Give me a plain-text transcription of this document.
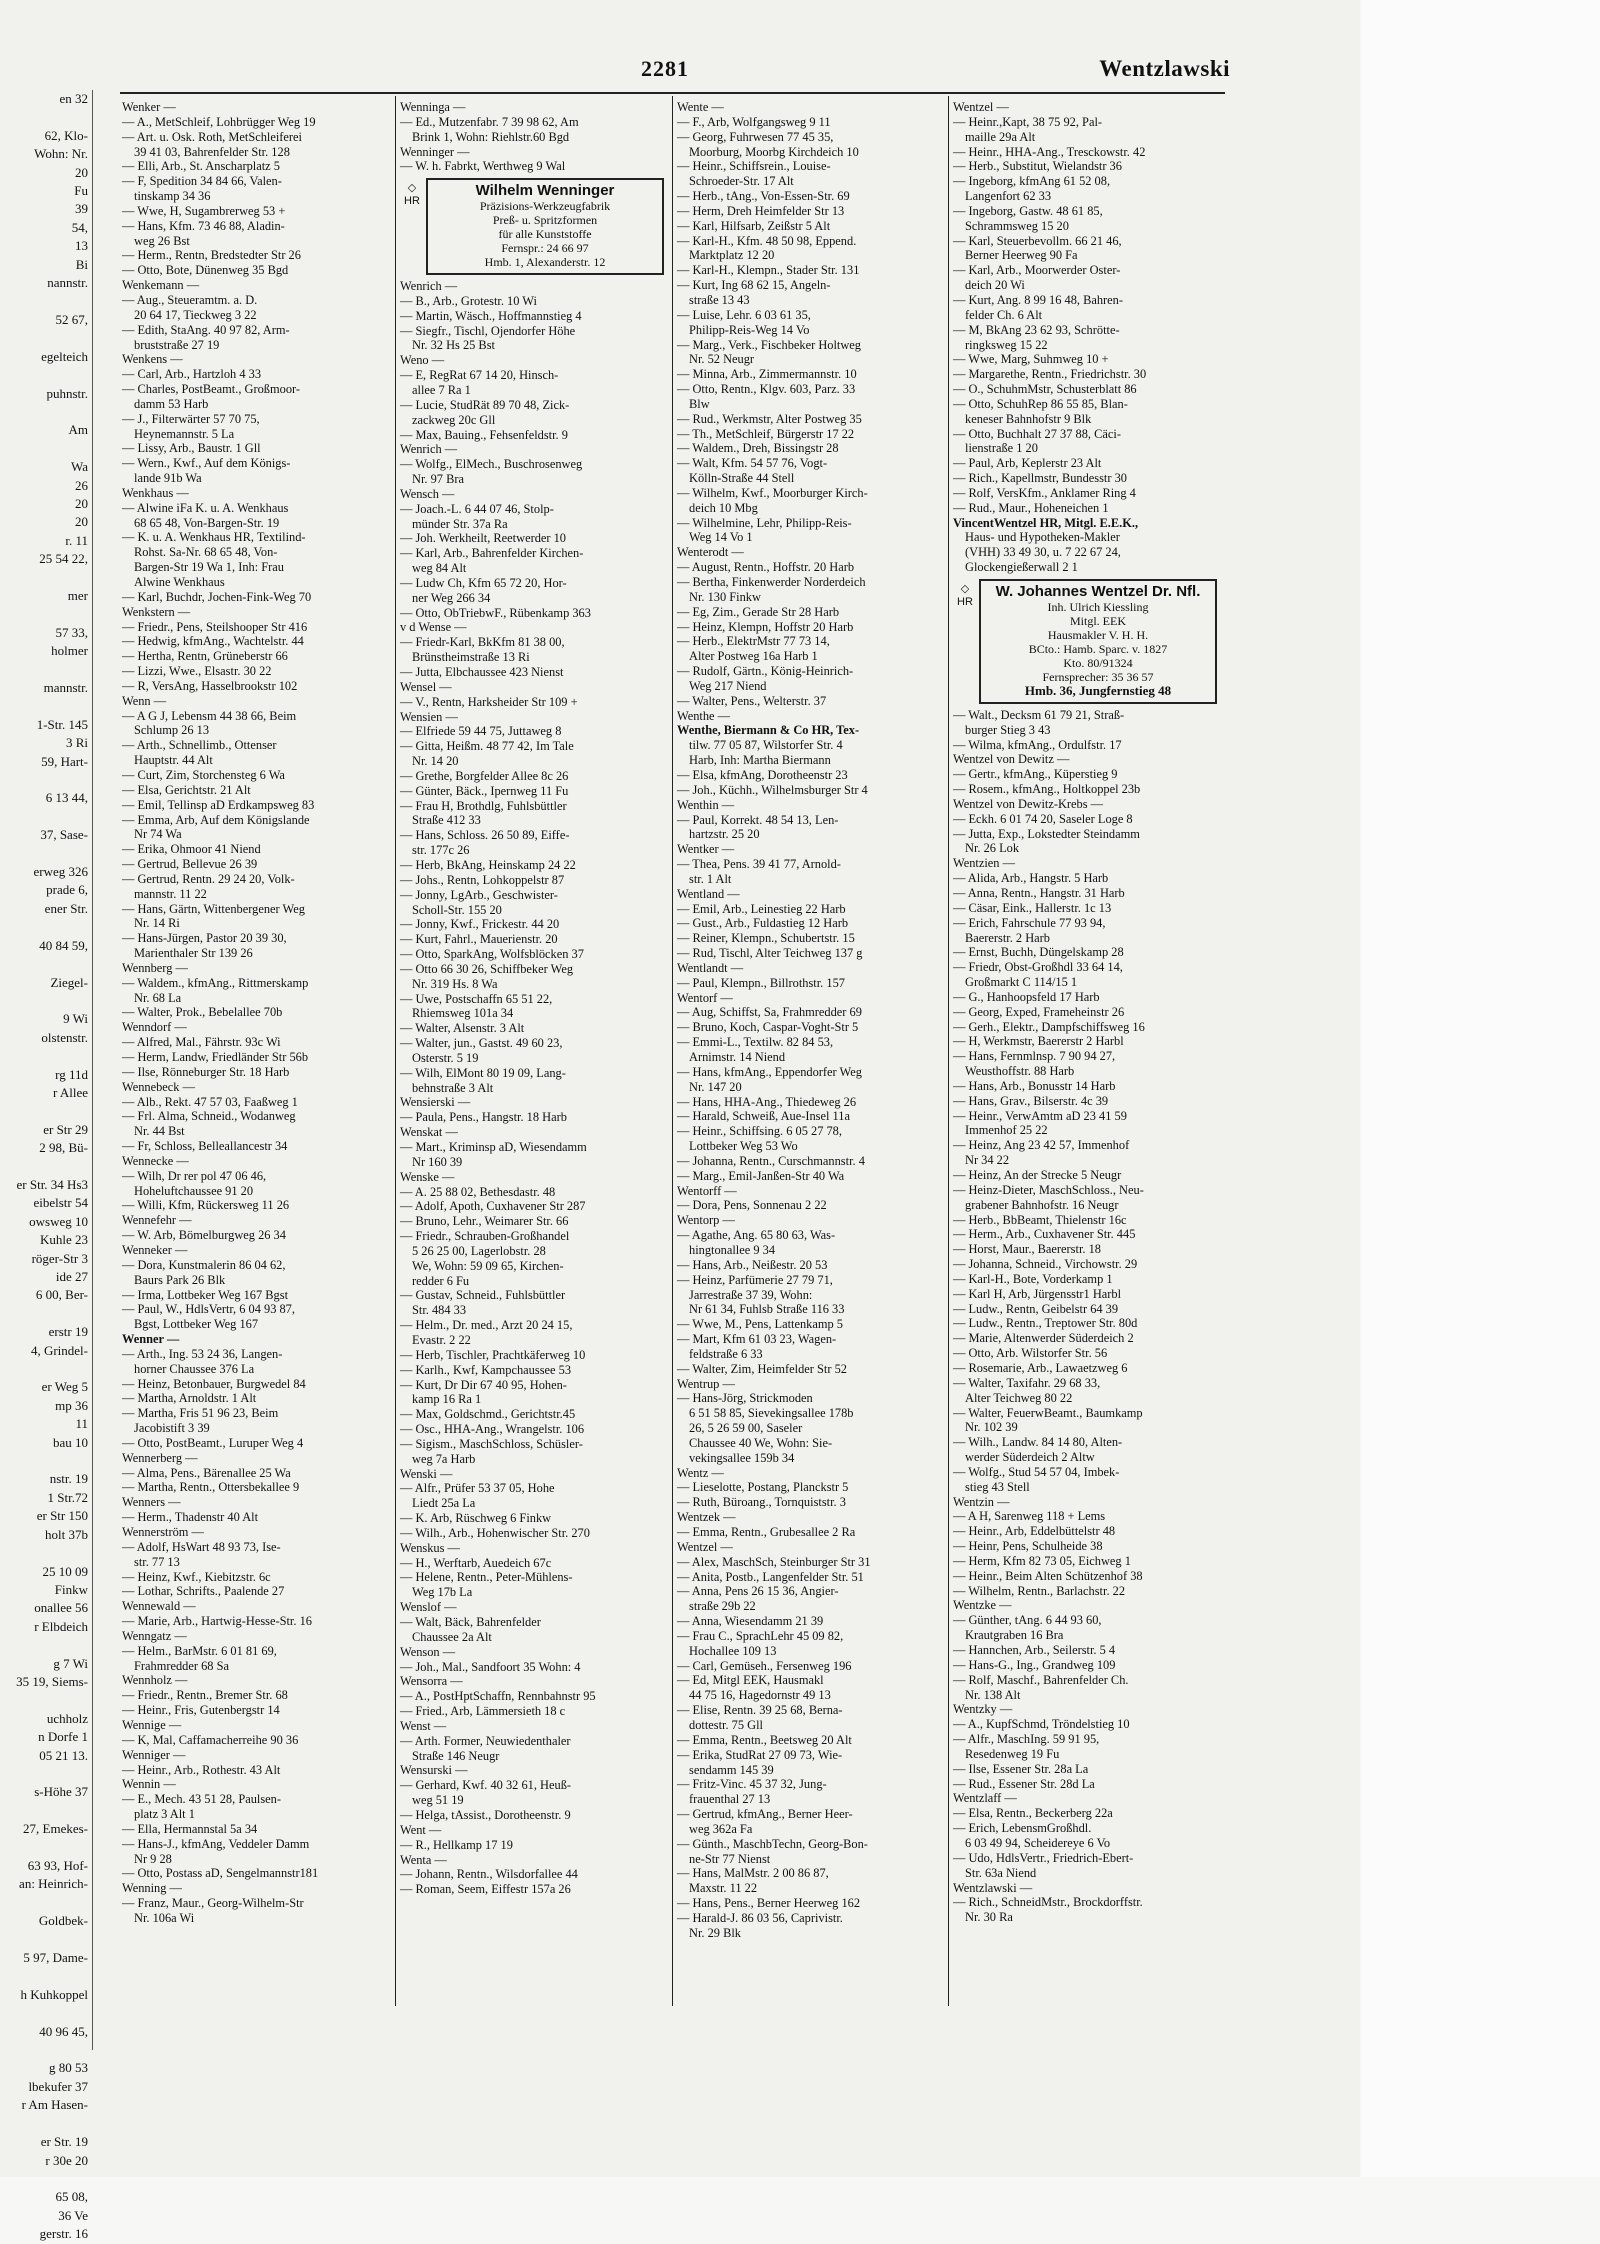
en 32

62, Klo-
Wohn: Nr.
20
Fu
39
54,
13
Bi
nannstr.

52 67,

egelteich

puhnstr.

Am

Wa
26
20
20
r. 11
25 54 22,

mer

57 33,
holmer

mannstr.

1-Str. 145
3 Ri
59, Hart-

6 13 44,

37, Sase-

erweg 326
prade 6,
ener Str.

40 84 59,

Ziegel-

9 Wi
olstenstr.

rg 11d
r Allee

er Str 29
2 98, Bü-

er Str. 34 Hs3
eibelstr 54
owsweg 10
Kuhle 23
röger-Str 3
ide 27
6 00, Ber-

erstr 19
4, Grindel-

er Weg 5
mp 36
11
bau 10

nstr. 19
1 Str.72
er Str 150
holt 37b

25 10 09
Finkw
onallee 56
r Elbdeich

g 7 Wi
35 19, Siems-

uchholz
n Dorfe 1
05 21 13.

s-Höhe 37

27, Emekes-

63 93, Hof-
an: Heinrich-

Goldbek-

5 97, Dame-

h Kuhkoppel

40 96 45,

g 80 53
lbekufer 37
r Am Hasen-

er Str. 19
r 30e 20

65 08,
36 Ve
gerstr. 16
2281	Wentzlawski
Wenker —
— A., MetSchleif, Lohbrügger Weg 19
— Art. u. Osk. Roth, MetSchleiferei
39 41 03, Bahrenfelder Str. 128
— Elli, Arb., St. Anscharplatz 5
— F, Spedition 34 84 66, Valen-
tinskamp 34 36
— Wwe, H, Sugambrerweg 53 +
— Hans, Kfm. 73 46 88, Aladin-
weg 26 Bst
— Herm., Rentn, Bredstedter Str 26
— Otto, Bote, Dünenweg 35 Bgd
Wenkemann —
— Aug., Steueramtm. a. D.
20 64 17, Tieckweg 3 22
— Edith, StaAng. 40 97 82, Arm-
bruststraße 27 19
Wenkens —
— Carl, Arb., Hartzloh 4 33
— Charles, PostBeamt., Großmoor-
damm 53 Harb
— J., Filterwärter 57 70 75,
Heynemannstr. 5 La
— Lissy, Arb., Baustr. 1 Gll
— Wern., Kwf., Auf dem Königs-
lande 91b Wa
Wenkhaus —
— Alwine iFa K. u. A. Wenkhaus
68 65 48, Von-Bargen-Str. 19
— K. u. A. Wenkhaus HR, Textilind-
Rohst. Sa-Nr. 68 65 48, Von-
Bargen-Str 19 Wa 1, Inh: Frau
Alwine Wenkhaus
— Karl, Buchdr, Jochen-Fink-Weg 70
Wenkstern —
— Friedr., Pens, Steilshooper Str 416
— Hedwig, kfmAng., Wachtelstr. 44
— Hertha, Rentn, Grüneberstr 66
— Lizzi, Wwe., Elsastr. 30 22
— R, VersAng, Hasselbrookstr 102
Wenn —
— A G J, Lebensm 44 38 66, Beim
Schlump 26 13
— Arth., Schnellimb., Ottenser
Hauptstr. 44 Alt
— Curt, Zim, Storchensteg 6 Wa
— Elsa, Gerichtstr. 21 Alt
— Emil, Tellinsp aD Erdkampsweg 83
— Emma, Arb, Auf dem Königslande
Nr 74 Wa
— Erika, Ohmoor 41 Niend
— Gertrud, Bellevue 26 39
— Gertrud, Rentn. 29 24 20, Volk-
mannstr. 11 22
— Hans, Gärtn, Wittenbergener Weg
Nr. 14 Ri
— Hans-Jürgen, Pastor 20 39 30,
Marienthaler Str 139 26
Wennberg —
— Waldem., kfmAng., Rittmerskamp
Nr. 68 La
— Walter, Prok., Bebelallee 70b
Wenndorf —
— Alfred, Mal., Fährstr. 93c Wi
— Herm, Landw, Friedländer Str 56b
— Ilse, Rönneburger Str. 18 Harb
Wennebeck —
— Alb., Rekt. 47 57 03, Faaßweg 1
— Frl. Alma, Schneid., Wodanweg
Nr. 44 Bst
— Fr, Schloss, Belleallancestr 34
Wennecke —
— Wilh, Dr rer pol 47 06 46,
Hoheluftchaussee 91 20
— Willi, Kfm, Rückersweg 11 26
Wennefehr —
— W. Arb, Bömelburgweg 26 34
Wenneker —
— Dora, Kunstmalerin 86 04 62,
Baurs Park 26 Blk
— Irma, Lottbeker Weg 167 Bgst
— Paul, W., HdlsVertr, 6 04 93 87,
Bgst, Lottbeker Weg 167
Wenner —
— Arth., Ing. 53 24 36, Langen-
horner Chaussee 376 La
— Heinz, Betonbauer, Burgwedel 84
— Martha, Arnoldstr. 1 Alt
— Martha, Fris 51 96 23, Beim
Jacobistift 3 39
— Otto, PostBeamt., Luruper Weg 4
Wennerberg —
— Alma, Pens., Bärenallee 25 Wa
— Martha, Rentn., Ottersbekallee 9
Wenners —
— Herm., Thadenstr 40 Alt
Wennerström —
— Adolf, HsWart 48 93 73, Ise-
str. 77 13
— Heinz, Kwf., Kiebitzstr. 6c
— Lothar, Schrifts., Paalende 27
Wennewald —
— Marie, Arb., Hartwig-Hesse-Str. 16
Wenngatz —
— Helm., BarMstr. 6 01 81 69,
Frahmredder 68 Sa
Wennholz —
— Friedr., Rentn., Bremer Str. 68
— Heinr., Fris, Gutenbergstr 14
Wennige —
— K, Mal, Caffamacherreihe 90 36
Wenniger —
— Heinr., Arb., Rothestr. 43 Alt
Wennin —
— E., Mech. 43 51 28, Paulsen-
platz 3 Alt 1
— Ella, Hermannstal 5a 34
— Hans-J., kfmAng, Veddeler Damm
Nr 9 28
— Otto, Postass aD, Sengelmannstr181
Wenning —
— Franz, Maur., Georg-Wilhelm-Str
Nr. 106a Wi
Wenninga —
— Ed., Mutzenfabr. 7 39 98 62, Am
Brink 1, Wohn: Riehlstr.60 Bgd
Wenninger —
— W. h. Fabrkt, Werthweg 9 Wal
◇
HR
Wilhelm Wenninger
Präzisions-Werkzeugfabrik
Preß- u. Spritzformen
für alle Kunststoffe
Fernspr.: 24 66 97
Hmb. 1, Alexanderstr. 12
Wenrich —
— B., Arb., Grotestr. 10 Wi
— Martin, Wäsch., Hoffmannstieg 4
— Siegfr., Tischl, Ojendorfer Höhe
Nr. 32 Hs 25 Bst
Weno —
— E, RegRat 67 14 20, Hinsch-
allee 7 Ra 1
— Lucie, StudRät 89 70 48, Zick-
zackweg 20c Gll
— Max, Bauing., Fehsenfeldstr. 9
Wenrich —
— Wolfg., ElMech., Buschrosenweg
Nr. 97 Bra
Wensch —
— Joach.-L. 6 44 07 46, Stolp-
münder Str. 37a Ra
— Joh. Werkheilt, Reetwerder 10
— Karl, Arb., Bahrenfelder Kirchen-
weg 84 Alt
— Ludw Ch, Kfm 65 72 20, Hor-
ner Weg 266 34
— Otto, ObTriebwF., Rübenkamp 363
v d Wense —
— Friedr-Karl, BkKfm 81 38 00,
Brünstheimstraße 13 Ri
— Jutta, Elbchaussee 423 Nienst
Wensel —
— V., Rentn, Harksheider Str 109 +
Wensien —
— Elfriede 59 44 75, Juttaweg 8
— Gitta, Heißm. 48 77 42, Im Tale
Nr. 14 20
— Grethe, Borgfelder Allee 8c 26
— Günter, Bäck., Ipernweg 11 Fu
— Frau H, Brothdlg, Fuhlsbüttler
Straße 412 33
— Hans, Schloss. 26 50 89, Eiffe-
str. 177c 26
— Herb, BkAng, Heinskamp 24 22
— Johs., Rentn, Lohkoppelstr 87
— Jonny, LgArb., Geschwister-
Scholl-Str. 155 20
— Jonny, Kwf., Frickestr. 44 20
— Kurt, Fahrl., Mauerienstr. 20
— Otto, SparkAng, Wolfsblöcken 37
— Otto 66 30 26, Schiffbeker Weg
Nr. 319 Hs. 8 Wa
— Uwe, Postschaffn 65 51 22,
Rhiemsweg 101a 34
— Walter, Alsenstr. 3 Alt
— Walter, jun., Gastst. 49 60 23,
Osterstr. 5 19
— Wilh, ElMont 80 19 09, Lang-
behnstraße 3 Alt
Wensierski —
— Paula, Pens., Hangstr. 18 Harb
Wenskat —
— Mart., Kriminsp aD, Wiesendamm
Nr 160 39
Wenske —
— A. 25 88 02, Bethesdastr. 48
— Adolf, Apoth, Cuxhavener Str 287
— Bruno, Lehr., Weimarer Str. 66
— Friedr., Schrauben-Großhandel
5 26 25 00, Lagerlobstr. 28
We, Wohn: 59 09 65, Kirchen-
redder 6 Fu
— Gustav, Schneid., Fuhlsbüttler
Str. 484 33
— Helm., Dr. med., Arzt 20 24 15,
Evastr. 2 22
— Herb, Tischler, Prachtkäferweg 10
— Karlh., Kwf, Kampchaussee 53
— Kurt, Dr Dir 67 40 95, Hohen-
kamp 16 Ra 1
— Max, Goldschmd., Gerichtstr.45
— Osc., HHA-Ang., Wrangelstr. 106
— Sigism., MaschSchloss, Schüsler-
weg 7a Harb
Wenski —
— Alfr., Prüfer 53 37 05, Hohe
Liedt 25a La
— K. Arb, Rüschweg 6 Finkw
— Wilh., Arb., Hohenwischer Str. 270
Wenskus —
— H., Werftarb, Auedeich 67c
— Helene, Rentn., Peter-Mühlens-
Weg 17b La
Wenslof —
— Walt, Bäck, Bahrenfelder
Chaussee 2a Alt
Wenson —
— Joh., Mal., Sandfoort 35 Wohn: 4
Wensorra —
— A., PostHptSchaffn, Rennbahnstr 95
— Fried., Arb, Lämmersieth 18 c
Wenst —
— Arth. Former, Neuwiedenthaler
Straße 146 Neugr
Wensurski —
— Gerhard, Kwf. 40 32 61, Heuß-
weg 51 19
— Helga, tAssist., Dorotheenstr. 9
Went —
— R., Hellkamp 17 19
Wenta —
— Johann, Rentn., Wilsdorfallee 44
— Roman, Seem, Eiffestr 157a 26
Wente —
— F., Arb, Wolfgangsweg 9 11
— Georg, Fuhrwesen 77 45 35,
Moorburg, Moorbg Kirchdeich 10
— Heinr., Schiffsrein., Louise-
Schroeder-Str. 17 Alt
— Herb., tAng., Von-Essen-Str. 69
— Herm, Dreh Heimfelder Str 13
— Karl, Hilfsarb, Zeißstr 5 Alt
— Karl-H., Kfm. 48 50 98, Eppend.
Marktplatz 12 20
— Karl-H., Klempn., Stader Str. 131
— Kurt, Ing 68 62 15, Angeln-
straße 13 43
— Luise, Lehr. 6 03 61 35,
Philipp-Reis-Weg 14 Vo
— Marg., Verk., Fischbeker Holtweg
Nr. 52 Neugr
— Minna, Arb., Zimmermannstr. 10
— Otto, Rentn., Klgv. 603, Parz. 33
Blw
— Rud., Werkmstr, Alter Postweg 35
— Th., MetSchleif, Bürgerstr 17 22
— Waldem., Dreh, Bissingstr 28
— Walt, Kfm. 54 57 76, Vogt-
Kölln-Straße 44 Stell
— Wilhelm, Kwf., Moorburger Kirch-
deich 10 Mbg
— Wilhelmine, Lehr, Philipp-Reis-
Weg 14 Vo 1
Wenterodt —
— August, Rentn., Hoffstr. 20 Harb
— Bertha, Finkenwerder Norderdeich
Nr. 130 Finkw
— Eg, Zim., Gerade Str 28 Harb
— Heinz, Klempn, Hoffstr 20 Harb
— Herb., ElektrMstr 77 73 14,
Alter Postweg 16a Harb 1
— Rudolf, Gärtn., König-Heinrich-
Weg 217 Niend
— Walter, Pens., Welterstr. 37
Wenthe —
Wenthe, Biermann & Co HR, Tex-
tilw. 77 05 87, Wilstorfer Str. 4
Harb, Inh: Martha Biermann
— Elsa, kfmAng, Dorotheenstr 23
— Joh., Küchh., Wilhelmsburger Str 4
Wenthin —
— Paul, Korrekt. 48 54 13, Len-
hartzstr. 25 20
Wentker —
— Thea, Pens. 39 41 77, Arnold-
str. 1 Alt
Wentland —
— Emil, Arb., Leinestieg 22 Harb
— Gust., Arb., Fuldastieg 12 Harb
— Reiner, Klempn., Schubertstr. 15
— Rud, Tischl, Alter Teichweg 137 g
Wentlandt —
— Paul, Klempn., Billrothstr. 157
Wentorf —
— Aug, Schiffst, Sa, Frahmredder 69
— Bruno, Koch, Caspar-Voght-Str 5
— Emmi-L., Textilw. 82 84 53,
Arnimstr. 14 Niend
— Hans, kfmAng., Eppendorfer Weg
Nr. 147 20
— Hans, HHA-Ang., Thiedeweg 26
— Harald, Schweiß, Aue-Insel 11a
— Heinr., Schiffsing. 6 05 27 78,
Lottbeker Weg 53 Wo
— Johanna, Rentn., Curschmannstr. 4
— Marg., Emil-Janßen-Str 40 Wa
Wentorff —
— Dora, Pens, Sonnenau 2 22
Wentorp —
— Agathe, Ang. 65 80 63, Was-
hingtonallee 9 34
— Hans, Arb., Neißestr. 20 53
— Heinz, Parfümerie 27 79 71,
Jarrestraße 37 39, Wohn:
Nr 61 34, Fuhlsb Straße 116 33
— Wwe, M., Pens, Lattenkamp 5
— Mart, Kfm 61 03 23, Wagen-
feldstraße 6 33
— Walter, Zim, Heimfelder Str 52
Wentrup —
— Hans-Jörg, Strickmoden
6 51 58 85, Sievekingsallee 178b
26, 5 26 59 00, Saseler
Chaussee 40 We, Wohn: Sie-
vekingsallee 159b 34
Wentz —
— Lieselotte, Postang, Planckstr 5
— Ruth, Büroang., Tornquiststr. 3
Wentzek —
— Emma, Rentn., Grubesallee 2 Ra
Wentzel —
— Alex, MaschSch, Steinburger Str 31
— Anita, Postb., Langenfelder Str. 51
— Anna, Pens 26 15 36, Angier-
straße 29b 22
— Anna, Wiesendamm 21 39
— Frau C., SprachLehr 45 09 82,
Hochallee 109 13
— Carl, Gemüseh., Fersenweg 196
— Ed, Mitgl EEK, Hausmakl
44 75 16, Hagedornstr 49 13
— Elise, Rentn. 39 25 68, Berna-
dottestr. 75 Gll
— Emma, Rentn., Beetsweg 20 Alt
— Erika, StudRat 27 09 73, Wie-
sendamm 145 39
— Fritz-Vinc. 45 37 32, Jung-
frauenthal 27 13
— Gertrud, kfmAng., Berner Heer-
weg 362a Fa
— Günth., MaschbTechn, Georg-Bon-
ne-Str 77 Nienst
— Hans, MalMstr. 2 00 86 87,
Maxstr. 11 22
— Hans, Pens., Berner Heerweg 162
— Harald-J. 86 03 56, Caprivistr.
Nr. 29 Blk
Wentzel —
— Heinr.,Kapt, 38 75 92, Pal-
maille 29a Alt
— Heinr., HHA-Ang., Tresckowstr. 42
— Herb., Substitut, Wielandstr 36
— Ingeborg, kfmAng 61 52 08,
Langenfort 62 33
— Ingeborg, Gastw. 48 61 85,
Schrammsweg 15 20
— Karl, Steuerbevollm. 66 21 46,
Berner Heerweg 90 Fa
— Karl, Arb., Moorwerder Oster-
deich 20 Wi
— Kurt, Ang. 8 99 16 48, Bahren-
felder Ch. 6 Alt
— M, BkAng 23 62 93, Schrötte-
ringksweg 15 22
— Wwe, Marg, Suhmweg 10 +
— Margarethe, Rentn., Friedrichstr. 30
— O., SchuhmMstr, Schusterblatt 86
— Otto, SchuhRep 86 55 85, Blan-
keneser Bahnhofstr 9 Blk
— Otto, Buchhalt 27 37 88, Cäci-
lienstraße 1 20
— Paul, Arb, Keplerstr 23 Alt
— Rich., Kapellmstr, Bundesstr 30
— Rolf, VersKfm., Anklamer Ring 4
— Rud., Maur., Hoheneichen 1
VincentWentzel HR, Mitgl. E.E.K.,
Haus- und Hypotheken-Makler
(VHH) 33 49 30, u. 7 22 67 24,
Glockengießerwall 2 1
◇
HR
W. Johannes Wentzel Dr. Nfl.
Inh. Ulrich Kiessling
Mitgl. EEK
Hausmakler V. H. H.
BCto.: Hamb. Sparc. v. 1827
Kto. 80/91324
Fernsprecher: 35 36 57
Hmb. 36, Jungfernstieg 48
— Walt., Decksm 61 79 21, Straß-
burger Stieg 3 43
— Wilma, kfmAng., Ordulfstr. 17
Wentzel von Dewitz —
— Gertr., kfmAng., Küperstieg 9
— Rosem., kfmAng., Holtkoppel 23b
Wentzel von Dewitz-Krebs —
— Eckh. 6 01 74 20, Saseler Loge 8
— Jutta, Exp., Lokstedter Steindamm
Nr. 26 Lok
Wentzien —
— Alida, Arb., Hangstr. 5 Harb
— Anna, Rentn., Hangstr. 31 Harb
— Cäsar, Eink., Hallerstr. 1c 13
— Erich, Fahrschule 77 93 94,
Baererstr. 2 Harb
— Ernst, Buchh, Düngelskamp 28
— Friedr, Obst-Großhdl 33 64 14,
Großmarkt C 114/15 1
— G., Hanhoopsfeld 17 Harb
— Georg, Exped, Frameheinstr 26
— Gerh., Elektr., Dampfschiffsweg 16
— H, Werkmstr, Baererstr 2 Harbl
— Hans, Fernmlnsp. 7 90 94 27,
Weusthoffstr. 88 Harb
— Hans, Arb., Bonusstr 14 Harb
— Hans, Grav., Bilserstr. 4c 39
— Heinr., VerwAmtm aD 23 41 59
Immenhof 25 22
— Heinz, Ang 23 42 57, Immenhof
Nr 34 22
— Heinz, An der Strecke 5 Neugr
— Heinz-Dieter, MaschSchloss., Neu-
grabener Bahnhofstr. 16 Neugr
— Herb., BbBeamt, Thielenstr 16c
— Herm., Arb., Cuxhavener Str. 445
— Horst, Maur., Baererstr. 18
— Johanna, Schneid., Virchowstr. 29
— Karl-H., Bote, Vorderkamp 1
— Karl H, Arb, Jürgensstr1 Harbl
— Ludw., Rentn, Geibelstr 64 39
— Ludw., Rentn., Treptower Str. 80d
— Marie, Altenwerder Süderdeich 2
— Otto, Arb. Wilstorfer Str. 56
— Rosemarie, Arb., Lawaetzweg 6
— Walter, Taxifahr. 29 68 33,
Alter Teichweg 80 22
— Walter, FeuerwBeamt., Baumkamp
Nr. 102 39
— Wilh., Landw. 84 14 80, Alten-
werder Süderdeich 2 Altw
— Wolfg., Stud 54 57 04, Imbek-
stieg 43 Stell
Wentzin —
— A H, Sarenweg 118 + Lems
— Heinr., Arb, Eddelbüttelstr 48
— Heinr, Pens, Schulheide 38
— Herm, Kfm 82 73 05, Eichweg 1
— Heinr., Beim Alten Schützenhof 38
— Wilhelm, Rentn., Barlachstr. 22
Wentzke —
— Günther, tAng. 6 44 93 60,
Krautgraben 16 Bra
— Hannchen, Arb., Seilerstr. 5 4
— Hans-G., Ing., Grandweg 109
— Rolf, Maschf., Bahrenfelder Ch.
Nr. 138 Alt
Wentzky —
— A., KupfSchmd, Tröndelstieg 10
— Alfr., MaschIng. 59 91 95,
Resedenweg 19 Fu
— Ilse, Essener Str. 28a La
— Rud., Essener Str. 28d La
Wentzlaff —
— Elsa, Rentn., Beckerberg 22a
— Erich, LebensmGroßhdl.
6 03 49 94, Scheidereye 6 Vo
— Udo, HdlsVertr., Friedrich-Ebert-
Str. 63a Niend
Wentzlawski —
— Rich., SchneidMstr., Brockdorffstr.
Nr. 30 Ra
